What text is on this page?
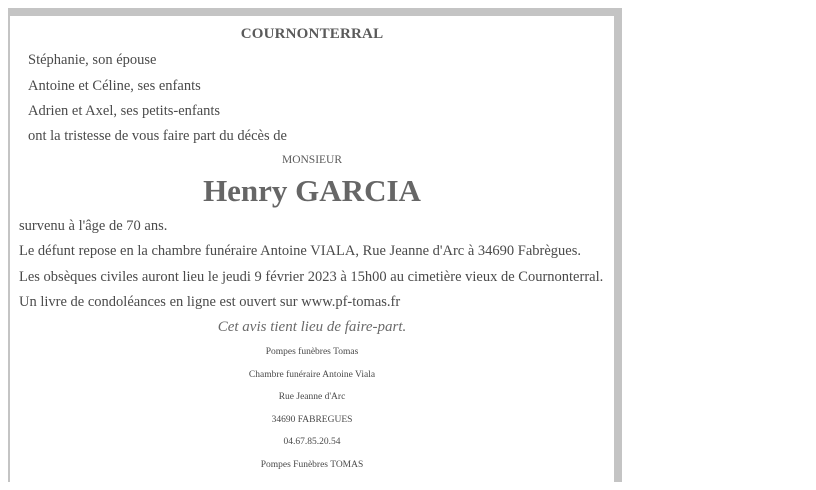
COURNONTERRAL
Stéphanie, son épouse
Antoine et Céline, ses enfants
Adrien et Axel, ses petits-enfants
ont la tristesse de vous faire part du décès de
MONSIEUR
Henry GARCIA
survenu à l'âge de 70 ans.
Le défunt repose en la chambre funéraire Antoine VIALA, Rue Jeanne d'Arc à 34690 Fabrègues.
Les obsèques civiles auront lieu le jeudi 9 février 2023 à 15h00 au cimetière vieux de Cournonterral.
Un livre de condoléances en ligne est ouvert sur www.pf-tomas.fr
Cet avis tient lieu de faire-part.
Pompes funèbres Tomas
Chambre funéraire Antoine Viala
Rue Jeanne d'Arc
34690 FABREGUES
04.67.85.20.54
Pompes Funèbres TOMAS
